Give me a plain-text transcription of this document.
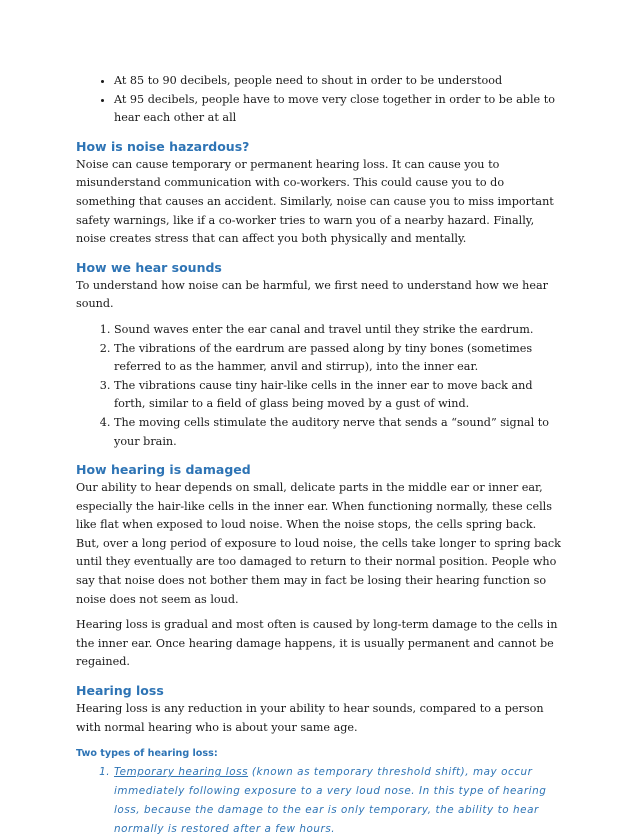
• At 85 to 90 decibels, people need to shout in order to be understood
• At 95 decibels, people have to move very close together in order to be able to hear each other at all
How is noise hazardous?

Noise can cause temporary or permanent hearing loss. It can cause you to misunderstand communication with co-workers. This could cause you to do something that causes an accident. Similarly, noise can cause you to miss important safety warnings, like if a co-worker tries to warn you of a nearby hazard. Finally, noise creates stress that can affect you both physically and mentally.

How we hear sounds

To understand how noise can be harmful, we first need to understand how we hear sound.

1. Sound waves enter the ear canal and travel until they strike the eardrum.
2. The vibrations of the eardrum are passed along by tiny bones (sometimes referred to as the hammer, anvil and stirrup), into the inner ear.
3. The vibrations cause tiny hair-like cells in the inner ear to move back and forth, similar to a field of glass being moved by a gust of wind.
4. The moving cells stimulate the auditory nerve that sends a “sound” signal to your brain.
How hearing is damaged

Our ability to hear depends on small, delicate parts in the middle ear or inner ear, especially the hair-like cells in the inner ear. When functioning normally, these cells like flat when exposed to loud noise. When the noise stops, the cells spring back. But, over a long period of exposure to loud noise, the cells take longer to spring back until they eventually are too damaged to return to their normal position. People who say that noise does not bother them may in fact be losing their hearing function so noise does not seem as loud.

Hearing loss is gradual and most often is caused by long-term damage to the cells in the inner ear. Once hearing damage happens, it is usually permanent and cannot be regained.

Hearing loss

Hearing loss is any reduction in your ability to hear sounds, compared to a person with normal hearing who is about your same age.

Two types of hearing loss:
1. Temporary hearing loss (known as temporary threshold shift), may occur immediately following exposure to a very loud nose. In this type of hearing loss, because the damage to the ear is only temporary, the ability to hear normally is restored after a few hours.
